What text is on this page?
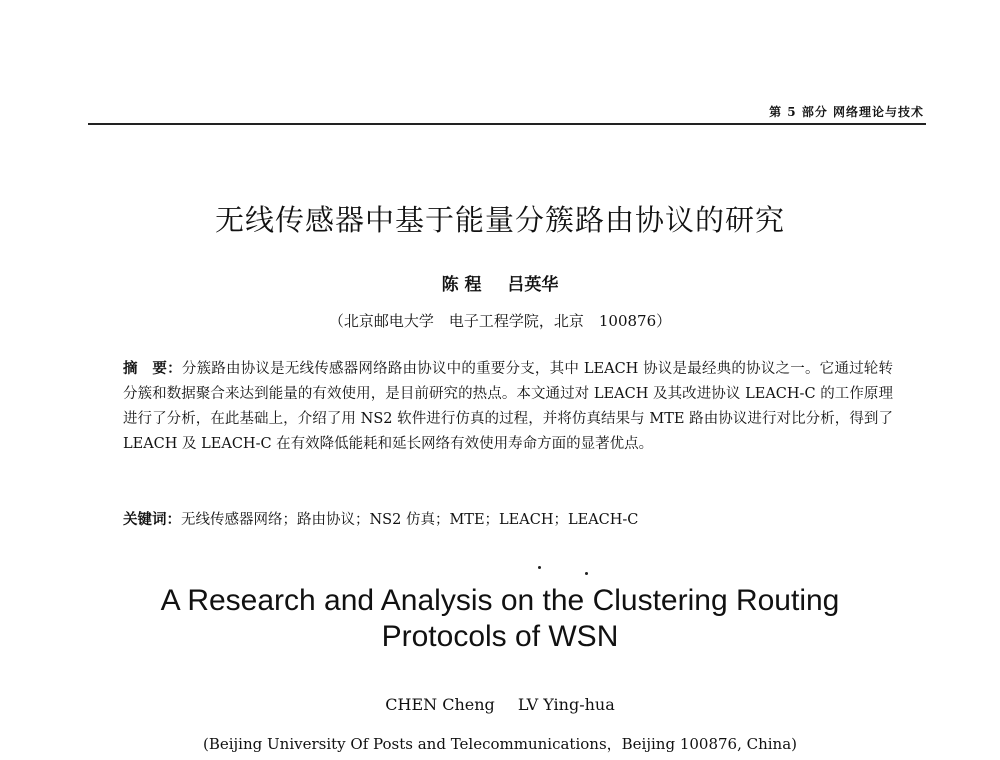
第 5 部分 网络理论与技术
无线传感器中基于能量分簇路由协议的研究
陈 程 吕英华
（北京邮电大学　电子工程学院，北京　100876）
摘　要：分簇路由协议是无线传感器网络路由协议中的重要分支，其中 LEACH 协议是最经典的协议之一。它通过轮转分簇和数据聚合来达到能量的有效使用，是目前研究的热点。本文通过对 LEACH 及其改进协议 LEACH-C 的工作原理进行了分析，在此基础上，介绍了用 NS2 软件进行仿真的过程，并将仿真结果与 MTE 路由协议进行对比分析，得到了 LEACH 及 LEACH-C 在有效降低能耗和延长网络有效使用寿命方面的显著优点。
关键词：无线传感器网络；路由协议；NS2 仿真；MTE；LEACH；LEACH-C
A Research and Analysis on the Clustering Routing
Protocols of WSN
CHEN Cheng LV Ying-hua
(Beijing University Of Posts and Telecommunications，Beijing 100876, China)
